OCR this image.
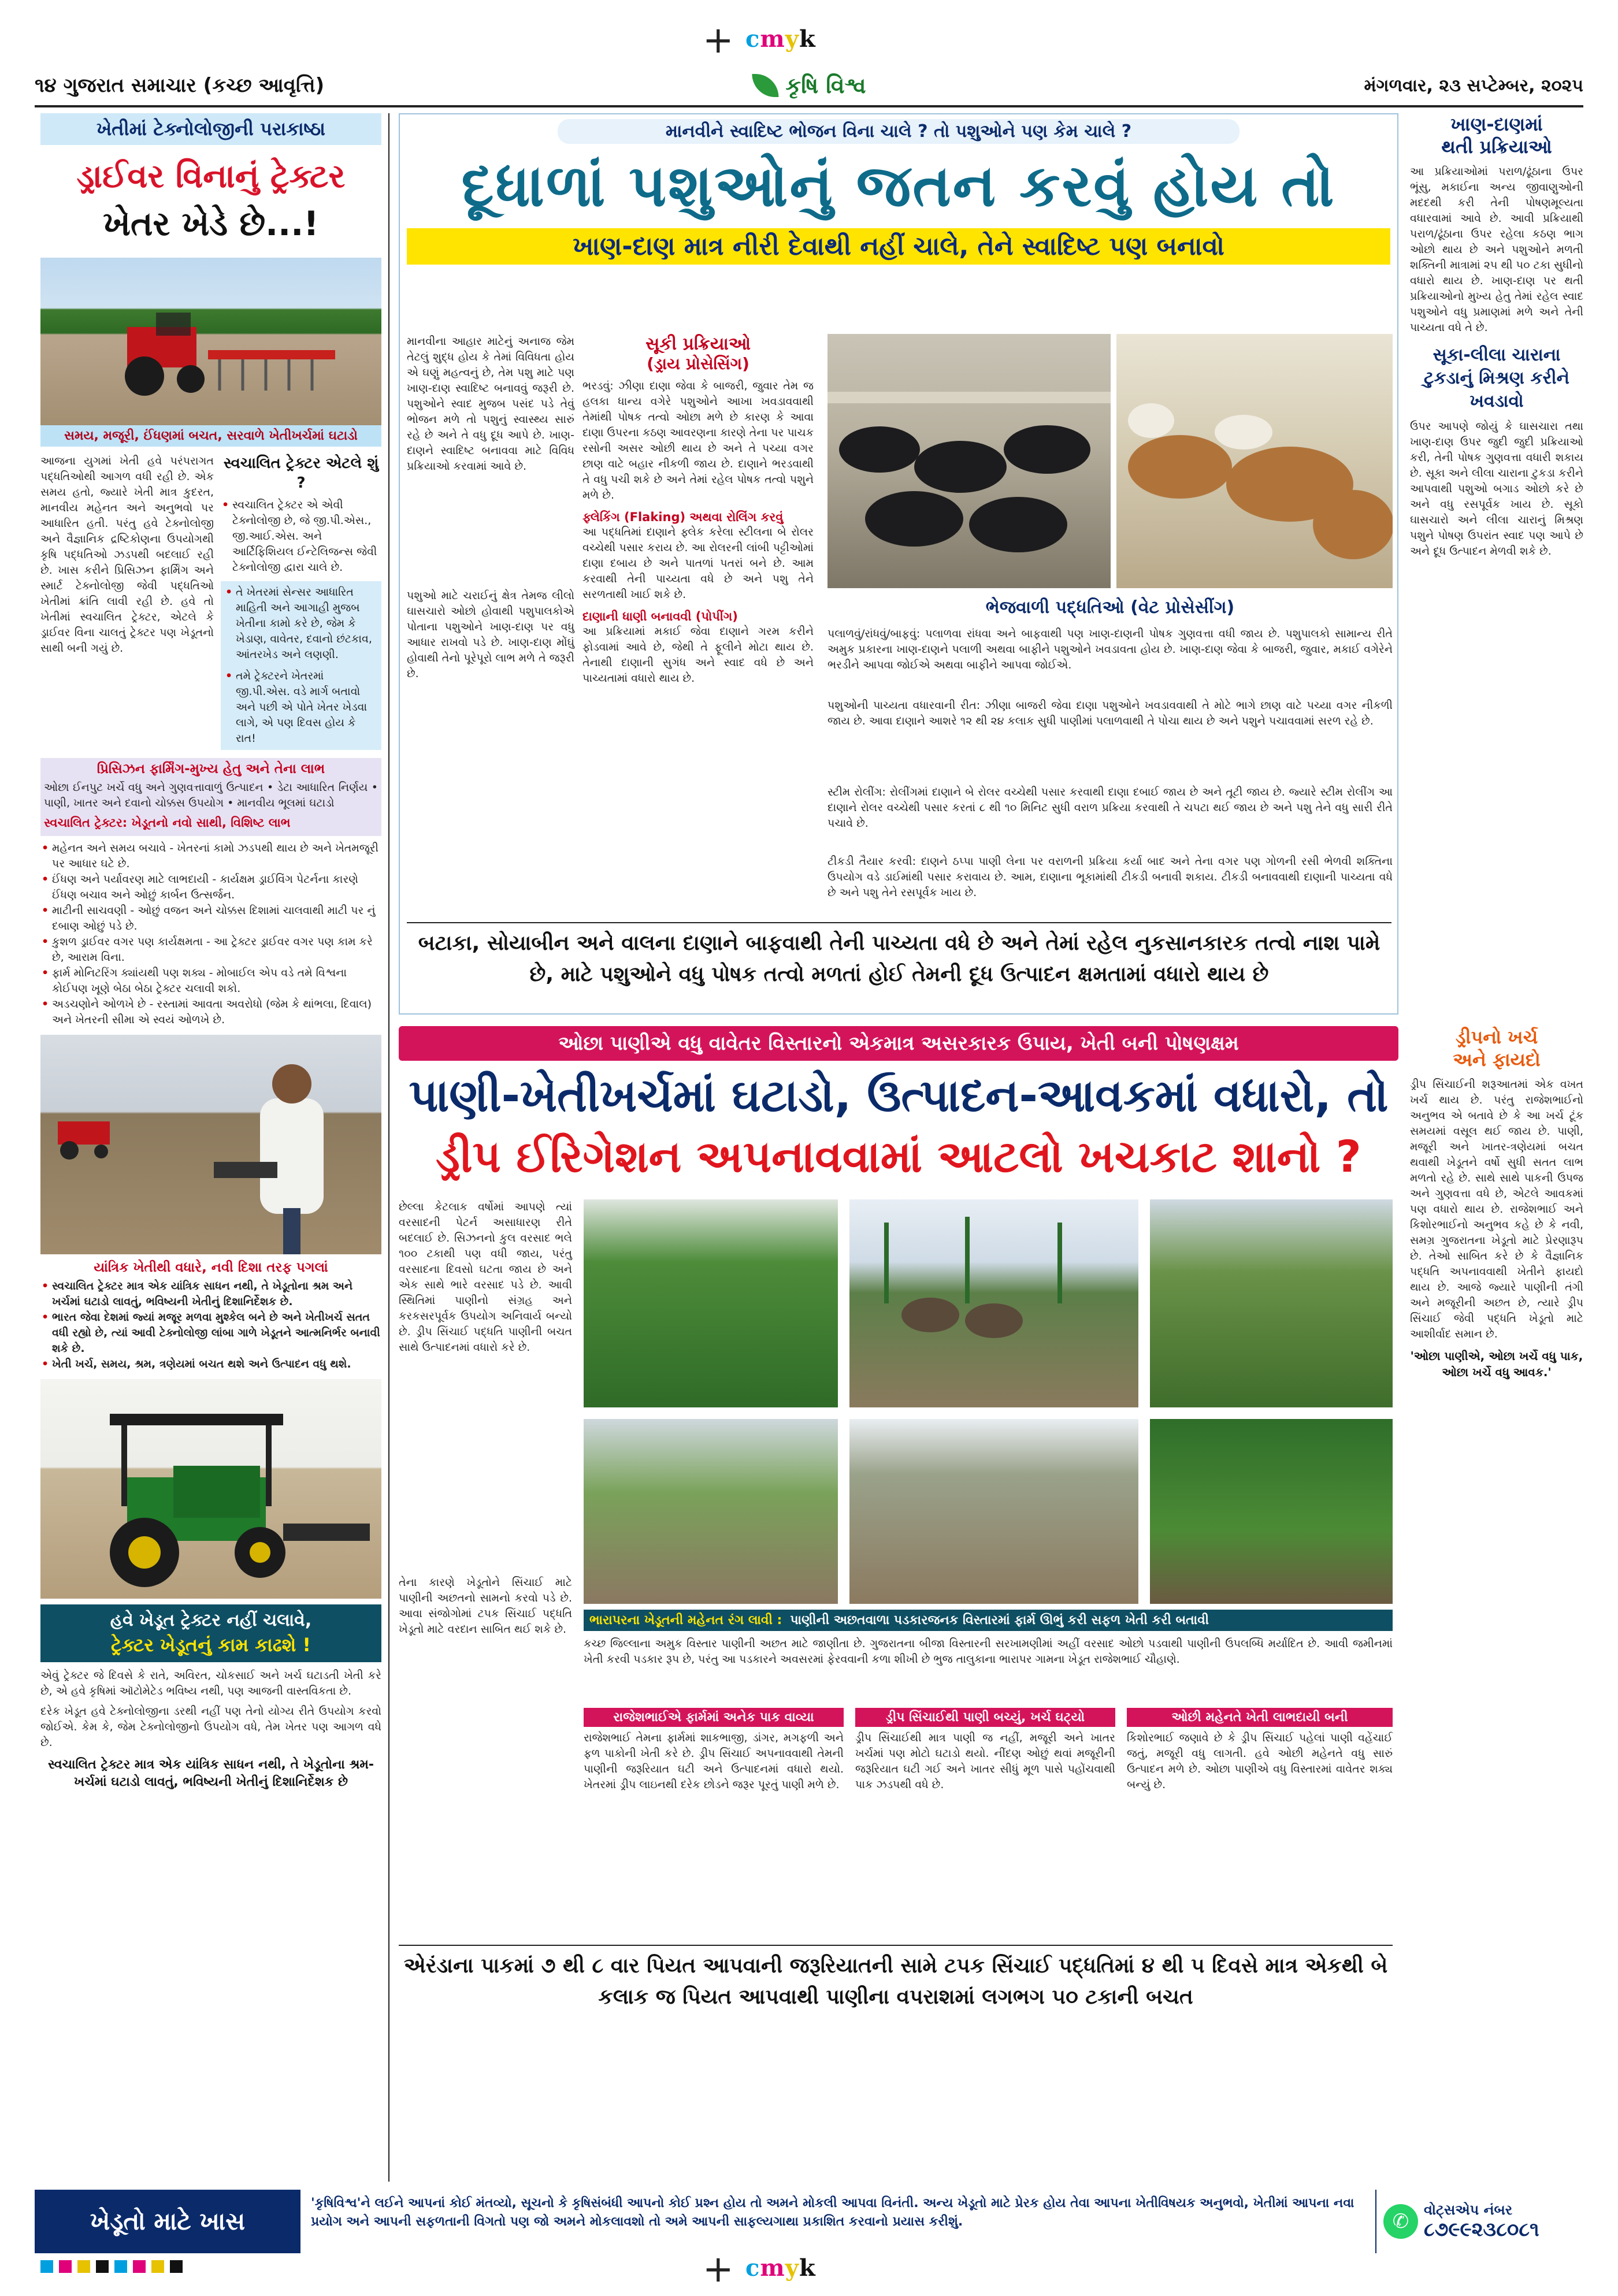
+ cmyk
૧૪ ગુજરાત સમાચાર (કચ્છ આવૃત્તિ)	કૃષિ વિશ્વ	મંગળવાર, ૨૩ સપ્ટેમ્બર, ૨૦૨૫
ખેતીમાં ટેક્નોલોજીની પરાકાષ્ઠા
ડ્રાઈવર વિનાનું ટ્રેક્ટર
ખેતર ખેડે છે...!
સમય, મજૂરી, ઈંધણમાં બચત, સરવાળે ખેતીખર્ચમાં ઘટાડો
આજના યુગમાં ખેતી હવે પરંપરાગત પદ્ધતિઓથી આગળ વધી રહી છે. એક સમય હતો, જ્યારે ખેતી માત્ર કુદરત, માનવીય મહેનત અને અનુભવો પર આધારિત હતી. પરંતુ હવે ટેક્નોલોજી અને વૈજ્ઞાનિક દ્રષ્ટિકોણના ઉપયોગથી કૃષિ પદ્ધતિઓ ઝડપથી બદલાઈ રહી છે. ખાસ કરીને પ્રિસિઝન ફાર્મિંગ અને સ્માર્ટ ટેક્નોલોજી જેવી પદ્ધતિઓ ખેતીમાં ક્રાંતિ લાવી રહી છે. હવે તો ખેતીમાં સ્વચાલિત ટ્રેક્ટર, એટલે કે ડ્રાઈવર વિના ચાલતું ટ્રેક્ટર પણ ખેડૂતનો સાથી બની ગયું છે.
સ્વચાલિત ટ્રેક્ટર એટલે શું ?
• સ્વચાલિત ટ્રેક્ટર એ એવી ટેક્નોલોજી છે, જે જી.પી.એસ., જી.આઈ.એસ. અને આર્ટિફિશિયલ ઈન્ટેલિજન્સ જેવી ટેક્નોલોજી દ્વારા ચાલે છે.
• તે ખેતરમાં સેન્સર આધારિત માહિતી અને આગાહી મુજબ ખેતીના કામો કરે છે, જેમ કે ખેડાણ, વાવેતર, દવાનો છંટકાવ, આંતરખેડ અને લણણી.
• તમે ટ્રેક્ટરને ખેતરમાં જી.પી.એસ. વડે માર્ગ બતાવો અને પછી એ પોતે ખેતર ખેડવા લાગે, એ પણ દિવસ હોય કે રાત!
પ્રિસિઝન ફાર્મિંગ-મુખ્ય હેતુ અને તેના લાભ
ઓછા ઈનપુટ ખર્ચે વધુ અને ગુણવત્તાવાળું ઉત્પાદન • ડેટા આધારિત નિર્ણય • પાણી, ખાતર અને દવાનો ચોક્કસ ઉપયોગ • માનવીય ભૂલમાં ઘટાડો
સ્વચાલિત ટ્રેક્ટર: ખેડૂતનો નવો સાથી, વિશિષ્ટ લાભ
• મહેનત અને સમય બચાવે - ખેતરનાં કામો ઝડપથી થાય છે અને ખેતમજૂરી પર આધાર ઘટે છે.
• ઈંધણ અને પર્યાવરણ માટે લાભદાયી - કાર્યક્ષમ ડ્રાઈવિંગ પેટર્નના કારણે ઈંધણ બચાવ અને ઓછું કાર્બન ઉત્સર્જન.
• માટીની સાચવણી - ઓછું વજન અને ચોક્કસ દિશામાં ચાલવાથી માટી પર નું દબાણ ઓછું પડે છે.
• કુશળ ડ્રાઈવર વગર પણ કાર્યક્ષમતા - આ ટ્રેક્ટર ડ્રાઈવર વગર પણ કામ કરે છે, આરામ વિના.
• ફાર્મ મોનિટરિંગ ક્યાંયથી પણ શક્ય - મોબાઈલ એપ વડે તમે વિશ્વના કોઈપણ ખૂણે બેઠા બેઠા ટ્રેક્ટર ચલાવી શકો.
• અડચણોને ઓળખે છે - રસ્તામાં આવતા અવરોધો (જેમ કે થાંભલા, દિવાલ) અને ખેતરની સીમા એ સ્વયં ઓળખે છે.
યાંત્રિક ખેતીથી વધારે, નવી દિશા તરફ પગલાં
• સ્વચાલિત ટ્રેક્ટર માત્ર એક યાંત્રિક સાધન નથી, તે ખેડૂતોના શ્રમ અને ખર્ચમાં ઘટાડો લાવતું, ભવિષ્યની ખેતીનું દિશાનિર્દેશક છે.
• ભારત જેવા દેશમાં જ્યાં મજૂર મળવા મુશ્કેલ બને છે અને ખેતીખર્ચ સતત વધી રહ્યો છે, ત્યાં આવી ટેક્નોલોજી લાંબા ગાળે ખેડૂતને આત્મનિર્ભર બનાવી શકે છે.
• ખેતી ખર્ચ, સમય, શ્રમ, ત્રણેયમાં બચત થશે અને ઉત્પાદન વધુ થશે.
હવે ખેડૂત ટ્રેક્ટર નહીં ચલાવે,
ટ્રેક્ટર ખેડૂતનું કામ કાઢશે !
એવું ટ્રેક્ટર જે દિવસે કે રાતે, અવિરત, ચોકસાઈ અને ખર્ચ ઘટાડતી ખેતી કરે છે, એ હવે કૃષિમાં ઑટોમેટેડ ભવિષ્ય નથી, પણ આજની વાસ્તવિકતા છે.
દરેક ખેડૂત હવે ટેક્નોલોજીના ડરથી નહીં પણ તેનો યોગ્ય રીતે ઉપયોગ કરવો જોઈએ. કેમ કે, જેમ ટેક્નોલોજીનો ઉપયોગ વધે, તેમ ખેતર પણ આગળ વધે છે.
સ્વચાલિત ટ્રેક્ટર માત્ર એક યાંત્રિક સાધન નથી, તે ખેડૂતોના શ્રમ-ખર્ચમાં ઘટાડો લાવતું, ભવિષ્યની ખેતીનું દિશાનિર્દેશક છે
માનવીને સ્વાદિષ્ટ ભોજન વિના ચાલે ? તો પશુઓને પણ કેમ ચાલે ?
દૂધાળાં પશુઓનું જતન કરવું હોય તો
ખાણ-દાણ માત્ર નીરી દેવાથી નહીં ચાલે, તેને સ્વાદિષ્ટ પણ બનાવો
માનવીના આહાર માટેનું અનાજ જેમ તેટલું શુદ્ધ હોય કે તેમાં વિવિધતા હોય એ ઘણું મહત્વનું છે, તેમ પશુ માટે પણ ખાણ-દાણ સ્વાદિષ્ટ બનાવવું જરૂરી છે. પશુઓને સ્વાદ મુજબ પસંદ પડે તેવું ભોજન મળે તો પશુનું સ્વાસ્થ્ય સારું રહે છે અને તે વધુ દૂધ આપે છે. ખાણ-દાણને સ્વાદિષ્ટ બનાવવા માટે વિવિધ પ્રક્રિયાઓ કરવામાં આવે છે.
પશુઓ માટે ચરાઈનું ક્ષેત્ર તેમજ લીલો ઘાસચારો ઓછો હોવાથી પશુપાલકોએ પોતાના પશુઓને ખાણ-દાણ પર વધુ આધાર રાખવો પડે છે. ખાણ-દાણ મોંઘું હોવાથી તેનો પૂરેપૂરો લાભ મળે તે જરૂરી છે.
સૂકી પ્રક્રિયાઓ
(ડ્રાય પ્રોસેસિંગ)
ભરડવું: ઝીણા દાણા જેવા કે બાજરી, જુવાર તેમ જ હલકા ધાન્ય વગેરે પશુઓને આખા ખવડાવવાથી તેમાંથી પોષક તત્વો ઓછા મળે છે કારણ કે આવા દાણા ઉપરના કઠણ આવરણના કારણે તેના પર પાચક રસોની અસર ઓછી થાય છે અને તે પચ્યા વગર છાણ વાટે બહાર નીકળી જાય છે. દાણાને ભરડવાથી તે વધુ પચી શકે છે અને તેમાં રહેલ પોષક તત્વો પશુને મળે છે.
ફ્લેકિંગ (Flaking) અથવા રોલિંગ કરવું
આ પદ્ધતિમાં દાણાને ફ્લેક કરેલા સ્ટીલના બે રોલર વચ્ચેથી પસાર કરાય છે. આ રોલરની લાંબી પટ્ટીઓમાં દાણા દબાય છે અને પાતળાં પતરાં બને છે. આમ કરવાથી તેની પાચ્યતા વધે છે અને પશુ તેને સરળતાથી ખાઈ શકે છે.
દાણાની ધાણી બનાવવી (પોપીંગ)
આ પ્રક્રિયામાં મકાઈ જેવા દાણાને ગરમ કરીને ફોડવામાં આવે છે, જેથી તે ફૂલીને મોટા થાય છે. તેનાથી દાણાની સુગંધ અને સ્વાદ વધે છે અને પાચ્યતામાં વધારો થાય છે.
ભેજવાળી પદ્ધતિઓ (વેટ પ્રોસેસીંગ)
પલાળવું/રાંધવું/બાફવું: પલાળવા રાંધવા અને બાફવાથી પણ ખાણ-દાણની પોષક ગુણવત્તા વધી જાય છે. પશુપાલકો સામાન્ય રીતે અમુક પ્રકારના ખાણ-દાણને પલાળી અથવા બાફીને પશુઓને ખવડાવતા હોય છે. ખાણ-દાણ જેવા કે બાજરી, જુવાર, મકાઈ વગેરેને ભરડીને આપવા જોઈએ અથવા બાફીને આપવા જોઈએ.
પશુઓની પાચ્યતા વધારવાની રીત: ઝીણા બાજરી જેવા દાણા પશુઓને ખવડાવવાથી તે મોટે ભાગે છાણ વાટે પચ્યા વગર નીકળી જાય છે. આવા દાણાને આશરે ૧૨ થી ૨૪ કલાક સુધી પાણીમાં પલાળવાથી તે પોચા થાય છે અને પશુને પચાવવામાં સરળ રહે છે.
સ્ટીમ રોલીંગ: રોલીંગમાં દાણાને બે રોલર વચ્ચેથી પસાર કરવાથી દાણા દબાઈ જાય છે અને તૂટી જાય છે. જ્યારે સ્ટીમ રોલીંગ આ દાણાને રોલર વચ્ચેથી પસાર કરતાં ૮ થી ૧૦ મિનિટ સુધી વરાળ પ્રક્રિયા કરવાથી તે ચપટા થઈ જાય છે અને પશુ તેને વધુ સારી રીતે પચાવે છે.
ટીકડી તૈયાર કરવી: દાણને ઠપ્પા પાણી લેના પર વરાળની પ્રક્રિયા કર્યા બાદ અને તેના વગર પણ ગોળની રસી ભેળવી શક્તિના ઉપયોગ વડે ડાઈમાંથી પસાર કરાવાય છે. આમ, દાણાના ભૂકામાંથી ટીકડી બનાવી શકાય. ટીકડી બનાવવાથી દાણાની પાચ્યતા વધે છે અને પશુ તેને રસપૂર્વક ખાય છે.
બટાકા, સોયાબીન અને વાલના દાણાને બાફવાથી તેની પાચ્યતા વધે છે અને તેમાં રહેલ નુકસાનકારક તત્વો નાશ પામે છે, માટે પશુઓને વધુ પોષક તત્વો મળતાં હોઈ તેમની દૂધ ઉત્પાદન ક્ષમતામાં વધારો થાય છે
ખાણ-દાણમાં
થતી પ્રક્રિયાઓ
આ પ્રક્રિયાઓમાં પરાળ/ઢૂંઠાના ઉપર ભૂંસુ, મકાઈના અન્ય જીવાણુઓની મદદથી કરી તેની પોષણમૂલ્યતા વધારવામાં આવે છે. આવી પ્રક્રિયાથી પરાળ/ઢૂંઠાના ઉપર રહેલા કઠણ ભાગ ઓછો થાય છે અને પશુઓને મળતી શક્તિની માત્રામાં ૨૫ થી ૫૦ ટકા સુધીનો વધારો થાય છે. ખાણ-દાણ પર થતી પ્રક્રિયાઓનો મુખ્ય હેતુ તેમાં રહેલ સ્વાદ પશુઓને વધુ પ્રમાણમાં મળે અને તેની પાચ્યતા વધે તે છે.
સૂકા-લીલા ચારાના ટુકડાનું મિશ્રણ કરીને ખવડાવો
ઉપર આપણે જોયું કે ઘાસચારા તથા ખાણ-દાણ ઉપર જુદી જુદી પ્રક્રિયાઓ કરી, તેની પોષક ગુણવત્તા વધારી શકાય છે. સૂકા અને લીલા ચારાના ટુકડા કરીને આપવાથી પશુઓ બગાડ ઓછો કરે છે અને વધુ રસપૂર્વક ખાય છે. સૂકો ઘાસચારો અને લીલા ચારાનું મિશ્રણ પશુને પોષણ ઉપરાંત સ્વાદ પણ આપે છે અને દૂધ ઉત્પાદન મેળવી શકે છે.
ઓછા પાણીએ વધુ વાવેતર વિસ્તારનો એકમાત્ર અસરકારક ઉપાય, ખેતી બની પોષણક્ષમ
પાણી-ખેતીખર્ચમાં ઘટાડો, ઉત્પાદન-આવકમાં વધારો, તો
ડ્રીપ ઈરિગેશન અપનાવવામાં આટલો ખચકાટ શાનો ?
છેલ્લા કેટલાક વર્ષોમાં આપણે ત્યાં વરસાદની પેટર્ન અસાધારણ રીતે બદલાઈ છે. સિઝનનો કુલ વરસાદ ભલે ૧૦૦ ટકાથી પણ વધી જાય, પરંતુ વરસાદના દિવસો ઘટતા જાય છે અને એક સાથે ભારે વરસાદ પડે છે. આવી સ્થિતિમાં પાણીનો સંગ્રહ અને કરકસરપૂર્વક ઉપયોગ અનિવાર્ય બન્યો છે. ડ્રીપ સિંચાઈ પદ્ધતિ પાણીની બચત સાથે ઉત્પાદનમાં વધારો કરે છે.
તેના કારણે ખેડૂતોને સિંચાઈ માટે પાણીની અછતનો સામનો કરવો પડે છે. આવા સંજોગોમાં ટપક સિંચાઈ પદ્ધતિ ખેડૂતો માટે વરદાન સાબિત થઈ શકે છે.
ભારાપરના ખેડૂતની મહેનત રંગ લાવી : પાણીની અછતવાળા પડકારજનક વિસ્તારમાં ફાર્મ ઊભું કરી સફળ ખેતી કરી બતાવી
કચ્છ જિલ્લાના અમુક વિસ્તાર પાણીની અછત માટે જાણીતા છે. ગુજરાતના બીજા વિસ્તારની સરખામણીમાં અહીં વરસાદ ઓછો પડવાથી પાણીની ઉપલબ્ધિ મર્યાદિત છે. આવી જમીનમાં ખેતી કરવી પડકાર રૂપ છે, પરંતુ આ પડકારને અવસરમાં ફેરવવાની કળા શીખી છે ભુજ તાલુકાના ભારાપર ગામના ખેડૂત રાજેશભાઈ ચૌહાણે.
રાજેશભાઈએ ફાર્મમાં અનેક પાક વાવ્યા
રાજેશભાઈ તેમના ફાર્મમાં શાકભાજી, ડાંગર, મગફળી અને ફળ પાકોની ખેતી કરે છે. ડ્રીપ સિંચાઈ અપનાવવાથી તેમની પાણીની જરૂરિયાત ઘટી અને ઉત્પાદનમાં વધારો થયો. ખેતરમાં ડ્રીપ લાઇનથી દરેક છોડને જરૂર પૂરતું પાણી મળે છે.
ડ્રીપ સિંચાઈથી પાણી બચ્યું, ખર્ચ ઘટ્યો
ડ્રીપ સિંચાઈથી માત્ર પાણી જ નહીં, મજૂરી અને ખાતર ખર્ચમાં પણ મોટો ઘટાડો થયો. નીંદણ ઓછું થવાં મજૂરીની જરૂરિયાત ઘટી ગઈ અને ખાતર સીધું મૂળ પાસે પહોંચવાથી પાક ઝડપથી વધે છે.
ઓછી મહેનતે ખેતી લાભદાયી બની
કિશોરભાઈ જણાવે છે કે ડ્રીપ સિંચાઈ પહેલાં પાણી વહેંચાઈ જતું, મજૂરી વધુ લાગતી. હવે ઓછી મહેનતે વધુ સારું ઉત્પાદન મળે છે. ઓછા પાણીએ વધુ વિસ્તારમાં વાવેતર શક્ય બન્યું છે.
એરંડાના પાકમાં ૭ થી ૮ વાર પિયત આપવાની જરૂરિયાતની સામે ટપક સિંચાઈ પદ્ધતિમાં ૪ થી ૫ દિવસે માત્ર એકથી બે કલાક જ પિયત આપવાથી પાણીના વપરાશમાં લગભગ ૫૦ ટકાની બચત
ડ્રીપનો ખર્ચ
અને ફાયદો
ડ્રીપ સિંચાઈની શરૂઆતમાં એક વખત ખર્ચ થાય છે. પરંતુ રાજેશભાઈનો અનુભવ એ બતાવે છે કે આ ખર્ચ ટૂંક સમયમાં વસૂલ થઈ જાય છે. પાણી, મજૂરી અને ખાતર-ત્રણેયમાં બચત થવાથી ખેડૂતને વર્ષો સુધી સતત લાભ મળતો રહે છે. સાથે સાથે પાકની ઉપજ અને ગુણવત્તા વધે છે, એટલે આવકમાં પણ વધારો થાય છે. રાજેશભાઈ અને કિશોરભાઈનો અનુભવ કહે છે કે નવી, સમગ્ર ગુજરાતના ખેડૂતો માટે પ્રેરણારૂપ છે. તેઓ સાબિત કરે છે કે વૈજ્ઞાનિક પદ્ધતિ અપનાવવાથી ખેતીને ફાયદો થાય છે. આજે જ્યારે પાણીની તંગી અને મજૂરીની અછત છે, ત્યારે ડ્રીપ સિંચાઈ જેવી પદ્ધતિ ખેડૂતો માટે આશીર્વાદ સમાન છે.
'ઓછા પાણીએ, ઓછા ખર્ચે વધુ પાક, ઓછા ખર્ચે વધુ આવક.'
ખેડૂતો માટે ખાસ
'કૃષિવિશ્વ'ને લઈને આપનાં કોઈ મંતવ્યો, સૂચનો કે કૃષિસંબંધી આપનો કોઈ પ્રશ્ન હોય તો અમને મોકલી આપવા વિનંતી. અન્ય ખેડૂતો માટે પ્રેરક હોય તેવા આપના ખેતીવિષયક અનુભવો, ખેતીમાં આપના નવા પ્રયોગ અને આપની સફળતાની વિગતો પણ જો અમને મોકલાવશો તો અમે આપની સાફલ્યગાથા પ્રકાશિત કરવાનો પ્રયાસ કરીશું.	✆	વોટ્સએપ નંબર
૮૭૯૯૨૩૮૦૮૧
+ cmyk
